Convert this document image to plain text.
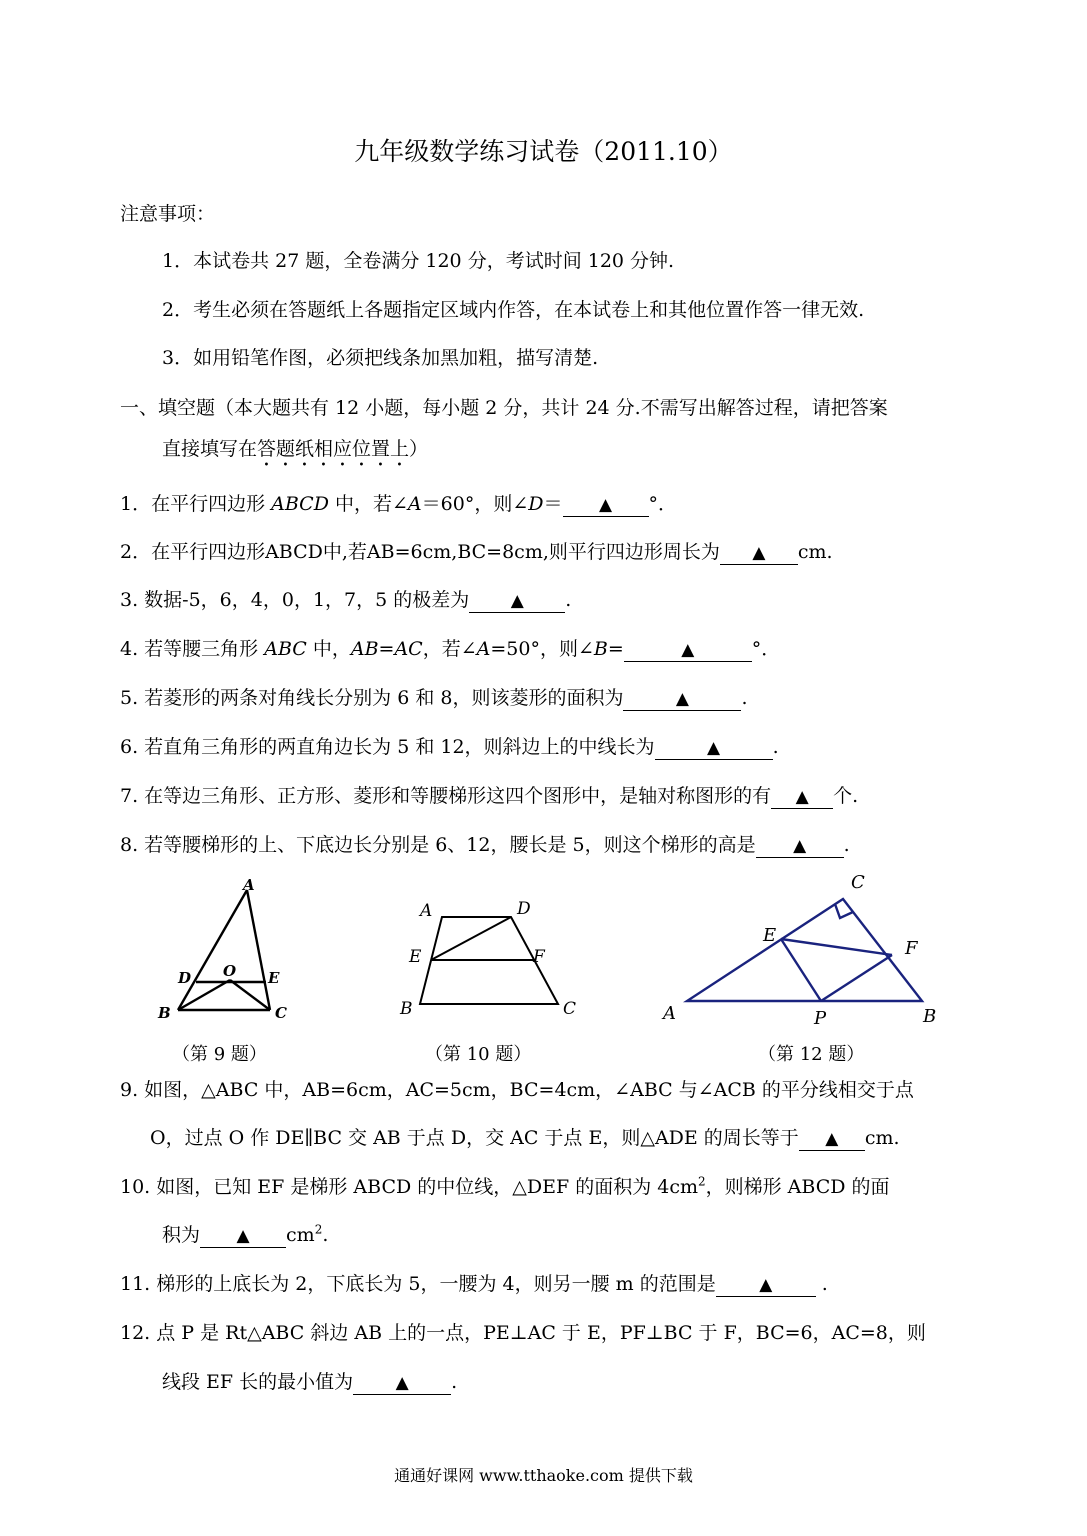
九年级数学练习试卷（2011.10）
注意事项：
1．本试卷共 27 题，全卷满分 120 分，考试时间 120 分钟.
2．考生必须在答题纸上各题指定区域内作答，在本试卷上和其他位置作答一律无效.
3．如用铅笔作图，必须把线条加黑加粗，描写清楚.
一、填空题（本大题共有 12 小题，每小题 2 分，共计 24 分.不需写出解答过程，请把答案
直接填写在答题纸相应位置上）
1．在平行四边形 ABCD 中，若∠A＝60°，则∠D＝ ▲ °．
2．在平行四边形ABCD中,若AB=6cm,BC=8cm,则平行四边形周长为 ▲ cm.
3. 数据-5，6，4，0，1，7，5 的极差为 ▲ .
4. 若等腰三角形 ABC 中，AB=AC，若∠A=50°，则∠B=	▲	°．
5. 若菱形的两条对角线长分别为 6 和 8，则该菱形的面积为	▲	.
6. 若直角三角形的两直角边长为 5 和 12，则斜边上的中线长为	▲	.
7. 在等边三角形、正方形、菱形和等腰梯形这四个图形中，是轴对称图形的有 ▲ 个.
8. 若等腰梯形的上、下底边长分别是 6、12，腰长是 5，则这个梯形的高是 ▲ .
A
D O E
B	C
（第 9 题）
A	D
E	F
B	C
（第 10 题）
C
E
F
A	P	B
（第 12 题）
9. 如图，△ABC 中，AB=6cm，AC=5cm，BC=4cm，∠ABC 与∠ACB 的平分线相交于点
O，过点 O 作 DE∥BC 交 AB 于点 D，交 AC 于点 E，则△ADE 的周长等于 ▲ cm.
10. 如图，已知 EF 是梯形 ABCD 的中位线，△DEF 的面积为 $4cm^2$，则梯形 ABCD 的面
积为 ▲ $cm^2$.
11. 梯形的上底长为 2，下底长为 5，一腰为 4，则另一腰 m 的范围是	▲	.
12. 点 P 是 Rt△ABC 斜边 AB 上的一点，PE⊥AC 于 E，PF⊥BC 于 F，BC=6，AC=8，则
线段 EF 长的最小值为 ▲ .
通通好课网 www.tthaoke.com 提供下载
